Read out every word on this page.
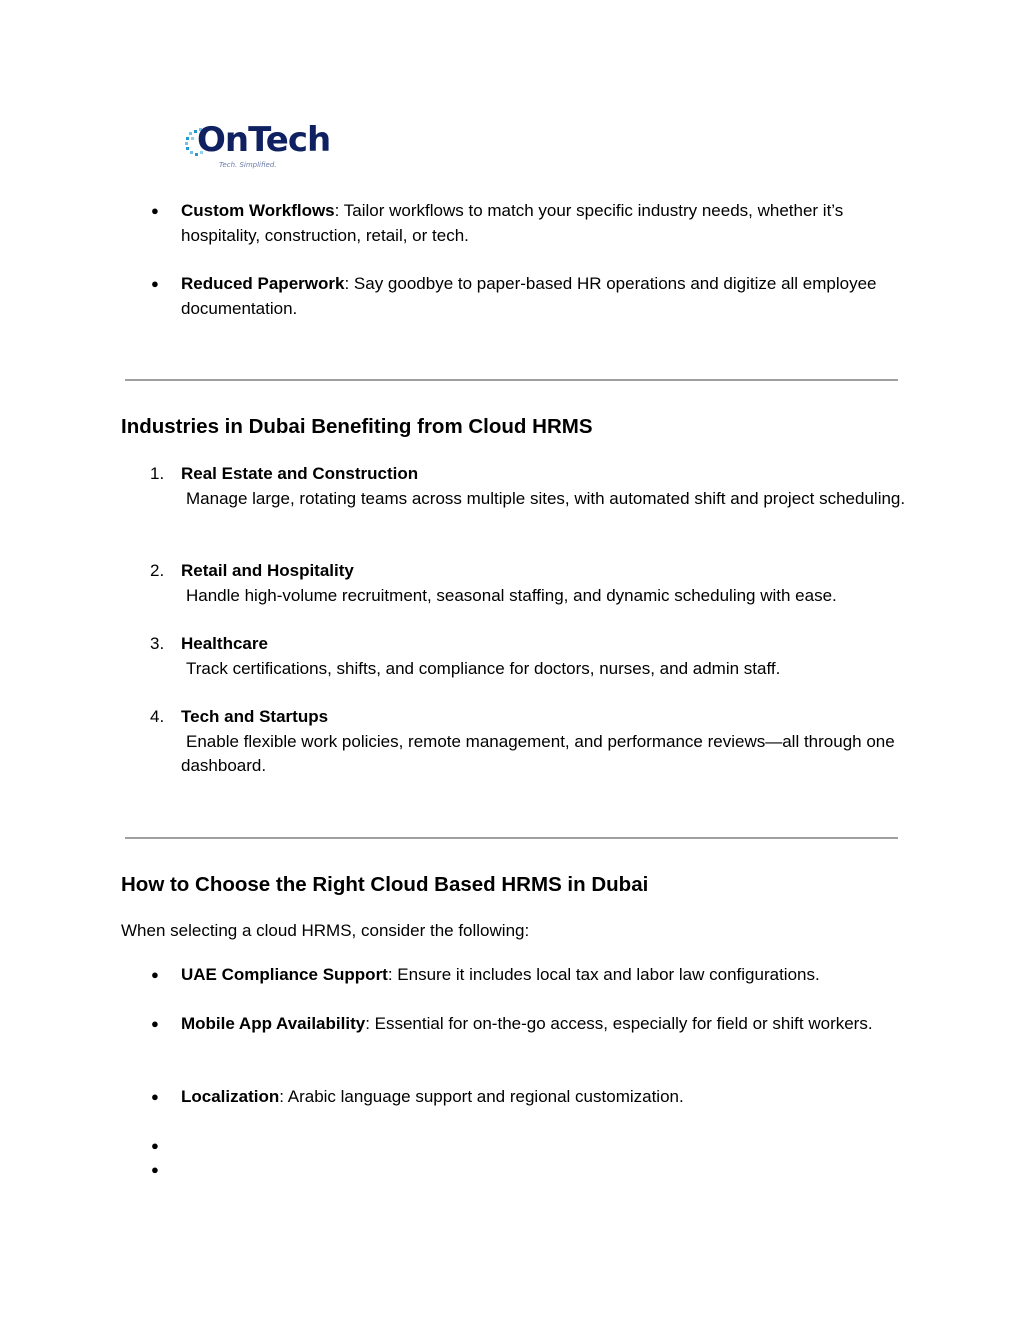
OnTech
Tech. Simplified.
● Custom Workflows: Tailor workflows to match your specific industry needs, whether it’s hospitality, construction, retail, or tech.
● Reduced Paperwork: Say goodbye to paper-based HR operations and digitize all employee documentation.
Industries in Dubai Benefiting from Cloud HRMS
1. Real Estate and Construction
Manage large, rotating teams across multiple sites, with automated shift and project scheduling.
2. Retail and Hospitality
Handle high-volume recruitment, seasonal staffing, and dynamic scheduling with ease.
3. Healthcare
Track certifications, shifts, and compliance for doctors, nurses, and admin staff.
4. Tech and Startups
Enable flexible work policies, remote management, and performance reviews—all through one dashboard.
How to Choose the Right Cloud Based HRMS in Dubai
When selecting a cloud HRMS, consider the following:
● UAE Compliance Support: Ensure it includes local tax and labor law configurations.
● Mobile App Availability: Essential for on-the-go access, especially for field or shift workers.
● Localization: Arabic language support and regional customization.
●
●
